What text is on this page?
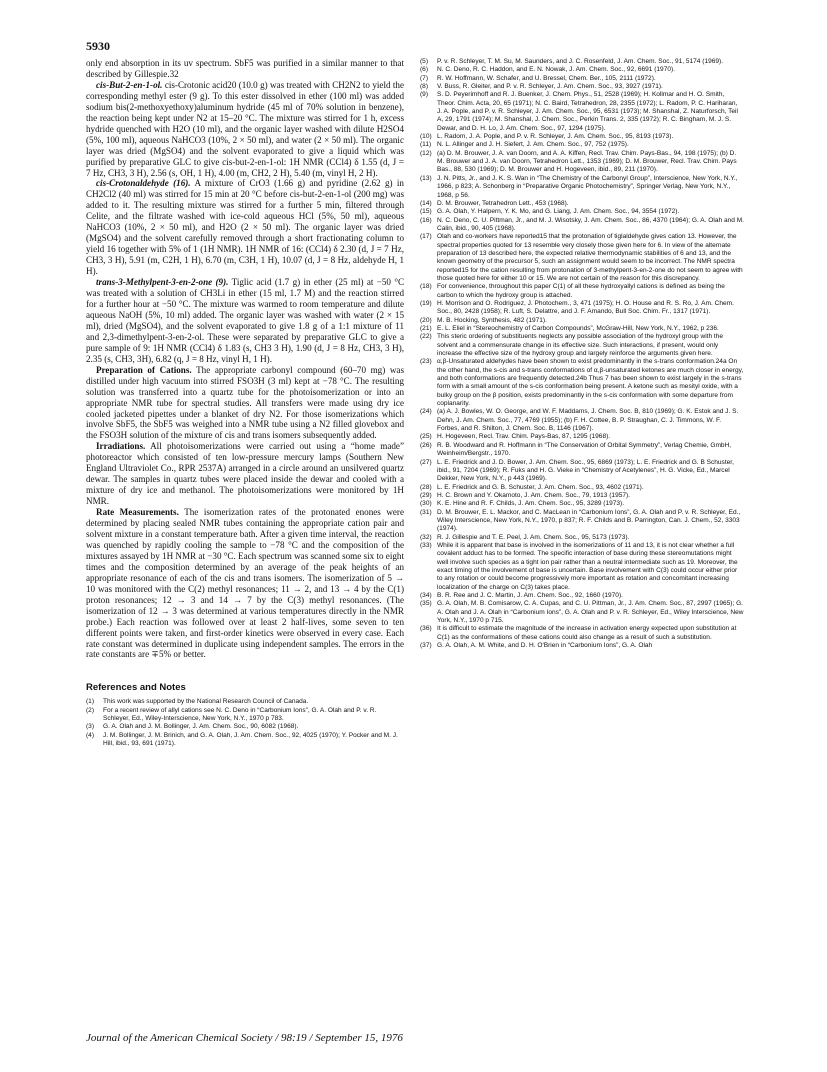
5930

only end absorption in its uv spectrum. SbF5 was purified in a similar manner to that described by Gillespie.32

cis-But-2-en-1-ol. cis-Crotonic acid20 (10.0 g) was treated with CH2N2 to yield the corresponding methyl ester (9 g). To this ester dissolved in ether (100 ml) was added sodium bis(2-methoxyethoxy)aluminum hydride (45 ml of 70% solution in benzene), the reaction being kept under N2 at 15–20 °C. The mixture was stirred for 1 h, excess hydride quenched with H2O (10 ml), and the organic layer washed with dilute H2SO4 (5%, 100 ml), aqueous NaHCO3 (10%, 2 × 50 ml), and water (2 × 50 ml). The organic layer was dried (MgSO4) and the solvent evaporated to give a liquid which was purified by preparative GLC to give cis-but-2-en-1-ol: 1H NMR (CCl4) δ 1.55 (d, J = 7 Hz, CH3, 3 H), 2.56 (s, OH, 1 H), 4.00 (m, CH2, 2 H), 5.40 (m, vinyl H, 2 H).

cis-Crotonaldehyde (16). A mixture of CrO3 (1.66 g) and pyridine (2.62 g) in CH2Cl2 (40 ml) was stirred for 15 min at 20 °C before cis-but-2-en-1-ol (200 mg) was added to it. The resulting mixture was stirred for a further 5 min, filtered through Celite, and the filtrate washed with ice-cold aqueous HCl (5%, 50 ml), aqueous NaHCO3 (10%, 2 × 50 ml), and H2O (2 × 50 ml). The organic layer was dried (MgSO4) and the solvent carefully removed through a short fractionating column to yield 16 together with 5% of 1 (1H NMR). 1H NMR of 16: (CCl4) δ 2.30 (d, J = 7 Hz, CH3, 3 H), 5.91 (m, C2H, 1 H), 6.70 (m, C3H, 1 H), 10.07 (d, J = 8 Hz, aldehyde H, 1 H).

trans-3-Methylpent-3-en-2-one (9). Tiglic acid (1.7 g) in ether (25 ml) at −50 °C was treated with a solution of CH3Li in ether (15 ml, 1.7 M) and the reaction stirred for a further hour at −50 °C. The mixture was warmed to room temperature and dilute aqueous NaOH (5%, 10 ml) added. The organic layer was washed with water (2 × 15 ml), dried (MgSO4), and the solvent evaporated to give 1.8 g of a 1:1 mixture of 11 and 2,3-dimethylpent-3-en-2-ol. These were separated by preparative GLC to give a pure sample of 9: 1H NMR (CCl4) δ 1.83 (s, CH3 3 H), 1.90 (d, J = 8 Hz, CH3, 3 H), 2.35 (s, CH3, 3H), 6.82 (q, J = 8 Hz, vinyl H, 1 H).

Preparation of Cations. The appropriate carbonyl compound (60–70 mg) was distilled under high vacuum into stirred FSO3H (3 ml) kept at −78 °C. The resulting solution was transferred into a quartz tube for the photoisomerization or into an appropriate NMR tube for spectral studies. All transfers were made using dry ice cooled jacketed pipettes under a blanket of dry N2. For those isomerizations which involve SbF5, the SbF5 was weighed into a NMR tube using a N2 filled glovebox and the FSO3H solution of the mixture of cis and trans isomers subsequently added.

Irradiations. All photoisomerizations were carried out using a “home made” photoreactor which consisted of ten low-pressure mercury lamps (Southern New England Ultraviolet Co., RPR 2537A) arranged in a circle around an unsilvered quartz dewar. The samples in quartz tubes were placed inside the dewar and cooled with a mixture of dry ice and methanol. The photoisomerizations were monitored by 1H NMR.

Rate Measurements. The isomerization rates of the protonated enones were determined by placing sealed NMR tubes containing the appropriate cation pair and solvent mixture in a constant temperature bath. After a given time interval, the reaction was quenched by rapidly cooling the sample to −78 °C and the composition of the mixtures assayed by 1H NMR at −30 °C. Each spectrum was scanned some six to eight times and the composition determined by an average of the peak heights of an appropriate resonance of each of the cis and trans isomers. The isomerization of 5 → 10 was monitored with the C(2) methyl resonances; 11 → 2, and 13 → 4 by the C(1) proton resonances; 12 → 3 and 14 → 7 by the C(3) methyl resonances. (The isomerization of 12 → 3 was determined at various temperatures directly in the NMR probe.) Each reaction was followed over at least 2 half-lives, some seven to ten different points were taken, and first-order kinetics were observed in every case. Each rate constant was determined in duplicate using independent samples. The errors in the rate constants are ∓5% or better.

References and Notes
(1)	This work was supported by the National Research Council of Canada.
(2)	For a recent review of allyl cations see N. C. Deno in “Carbonium Ions”, G. A. Olah and P. v. R. Schleyer, Ed., Wiley-Interscience, New York, N.Y., 1970 p 783.
(3)	G. A. Olah and J. M. Bollinger, J. Am. Chem. Soc., 90, 6082 (1968).
(4)	J. M. Bollinger, J. M. Brinich, and G. A. Olah, J. Am. Chem. Soc., 92, 4025 (1970); Y. Pocker and M. J. Hill, ibid., 93, 691 (1971).
(5)	P. v. R. Schleyer, T. M. Su, M. Saunders, and J. C. Rosenfeld, J. Am. Chem. Soc., 91, 5174 (1969).
(6)	N. C. Deno, R. C. Haddon, and E. N. Nowak, J. Am. Chem. Soc., 92, 6691 (1970).
(7)	R. W. Hoffmann, W. Schafer, and U. Bressel, Chem. Ber., 105, 2111 (1972).
(8)	V. Buss, R. Gleiter, and P. v. R. Schleyer, J. Am. Chem. Soc., 93, 3927 (1971).
(9)	S. D. Peyerimhoff and R. J. Buenker, J. Chem. Phys., 51, 2528 (1969); H. Kollmar and H. O. Smith, Theor. Chim. Acta, 20, 65 (1971); N. C. Baird, Tetrahedron, 28, 2355 (1972); L. Radom, P. C. Hariharan, J. A. Pople, and P. v. R. Schleyer, J. Am. Chem. Soc., 95, 6531 (1973); M. Shanshal, Z. Naturforsch, Teil A, 29, 1791 (1974); M. Shanshal, J. Chem. Soc., Perkin Trans. 2, 335 (1972); R. C. Bingham, M. J. S. Dewar, and D. H. Lo, J. Am. Chem. Soc., 97, 1294 (1975).
(10) L. Radom, J. A. Pople, and P. v. R. Schleyer, J. Am. Chem. Soc., 95, 8193 (1973).
(11) N. L. Allinger and J. H. Siefert, J. Am. Chem. Soc., 97, 752 (1975).
(12) (a) D. M. Brouwer, J. A. van Doorn, and A. A. Kiffen, Recl. Trav. Chim. Pays-Bas., 94, 198 (1975); (b) D. M. Brouwer and J. A. van Doorn, Tetrahedron Lett., 1353 (1969); D. M. Brouwer, Recl. Trav. Chim. Pays Bas., 88, 530 (1969); D. M. Brouwer and H. Hogeveen, ibid., 89, 211 (1970).
(13) J. N. Pitts, Jr., and J. K. S. Wan in “The Chemistry of the Carbonyl Group”, Interscience, New York, N.Y., 1966, p 823; A. Schonberg in “Preparative Organic Photochemistry”, Springer Verlag, New York, N.Y., 1968, p 56.
(14) D. M. Brouwer, Tetrahedron Lett., 453 (1968).
(15) G. A. Olah, Y. Halpern, Y. K. Mo, and G. Liang, J. Am. Chem. Soc., 94, 3554 (1972).
(16) N. C. Deno, C. U. Pittman, Jr., and M. J. Wisotsky, J. Am. Chem. Soc., 86, 4370 (1964); G. A. Olah and M. Calin, ibid., 90, 405 (1968).
(17) Olah and co-workers have reported15 that the protonation of tiglaldehyde gives cation 13. However, the spectral properties quoted for 13 resemble very closely those given here for 6. In view of the alternate preparation of 13 described here, the expected relative thermodynamic stabilities of 6 and 13, and the known geometry of the precursor 5, such an assignment would seem to be incorrect. The NMR spectra reported15 for the cation resulting from protonation of 3-methylpent-3-en-2-one do not seem to agree with those quoted here for either 10 or 15. We are not certain of the reason for this discrepancy.
(18) For convenience, throughout this paper C(1) of all these hydroxyallyl cations is defined as being the carbon to which the hydroxy group is attached.
(19) H. Morrison and O. Rodriguez, J. Photochem., 3, 471 (1975); H. O. House and R. S. Ro, J. Am. Chem. Soc., 80, 2428 (1958); R. Luft, S. Delattre, and J. F. Amando, Bull Soc. Chim. Fr., 1317 (1971).
(20) M. B. Hocking, Synthesis, 482 (1971).
(21) E. L. Eliel in “Stereochemistry of Carbon Compounds”, McGraw-Hill, New York, N.Y., 1962, p 236.
(22) This steric ordering of substituents neglects any possible association of the hydroxyl group with the solvent and a commensurate change in its effective size. Such interactions, if present, would only increase the effective size of the hydroxy group and largely reinforce the arguments given here.
(23) α,β-Unsaturated aldehydes have been shown to exist predominantly in the s-trans conformation.24a On the other hand, the s-cis and s-trans conformations of α,β-unsaturated ketones are much closer in energy, and both conformations are frequently detected.24b Thus 7 has been shown to exist largely in the s-trans form with a small amount of the s-cis conformation being present. A ketone such as mesityl oxide, with a bulky group on the β position, exists predominantly in the s-cis conformation with some departure from coplanarity.
(24) (a) A. J. Bowles, W. O. George, and W. F. Maddams, J. Chem. Soc. B, 810 (1969); G. K. Estok and J. S. Dehn, J. Am. Chem. Soc., 77, 4769 (1955); (b) F. H. Cottee, B. P. Straughan, C. J. Timmons, W. F. Forbes, and R. Shilton, J. Chem. Soc. B, 1146 (1967).
(25) H. Hogeveen, Recl. Trav. Chim. Pays-Bas, 87, 1295 (1968).
(26) R. B. Woodward and R. Hoffmann in “The Conservation of Orbital Symmetry”, Verlag Chemie, GmbH, Weinheim/Bergstr., 1970.
(27) L. E. Friedrick and J. D. Bower, J. Am. Chem. Soc., 95, 6869 (1973); L. E. Friedrick and G. B Schuster, ibid., 91, 7204 (1969); R. Fuks and H. G. Vieke in “Chemistry of Acetylenes”, H. G. Vicke, Ed., Marcel Dekker, New York, N.Y., p 443 (1969).
(28) L. E. Friedrick and G. B. Schuster, J. Am. Chem. Soc., 93, 4602 (1971).
(29) H. C. Brown and Y. Okamoto, J. Am. Chem. Soc., 79, 1913 (1957).
(30) K. E. Hine and R. F. Childs, J. Am. Chem. Soc., 95, 3289 (1973).
(31) D. M. Brouwer, E. L. Mackor, and C. MacLean in “Carbonium Ions”, G. A. Olah and P. v. R. Schleyer, Ed., Wiley Interscience, New York, N.Y., 1970, p 837; R. F. Childs and B. Parrington, Can. J. Chem., 52, 3303 (1974).
(32) R. J. Gillespie and T. E. Peel, J. Am. Chem. Soc., 95, 5173 (1973).
(33) While it is apparent that base is involved in the isomerizations of 11 and 13, it is not clear whether a full covalent adduct has to be formed. The specific interaction of base during these stereomutations might well involve such species as a tight ion pair rather than a neutral intermediate such as 19. Moreover, the exact timing of the involvement of base is uncertain. Base involvement with C(3) could occur either prior to any rotation or could become progressively more important as rotation and concomitant increasing localization of the charge on C(3) takes place.
(34) B. R. Ree and J. C. Martin, J. Am. Chem. Soc., 92, 1660 (1970).
(35) G. A. Olah, M. B. Comisarow, C. A. Cupas, and C. U. Pittman, Jr., J. Am. Chem. Soc., 87, 2997 (1965); G. A. Olah and J. A. Olah in “Carbonium Ions”, G. A. Olah and P. v. R. Schleyer, Ed., Wiley Interscience, New York, N.Y., 1970 p 715.
(36) It is difficult to estimate the magnitude of the increase in activation energy expected upon substitution at C(1) as the conformations of these cations could also change as a result of such a substitution.
(37) G. A. Olah, A. M. White, and D. H. O'Brien in “Carbonium Ions”, G. A. Olah
Journal of the American Chemical Society / 98:19 / September 15, 1976
